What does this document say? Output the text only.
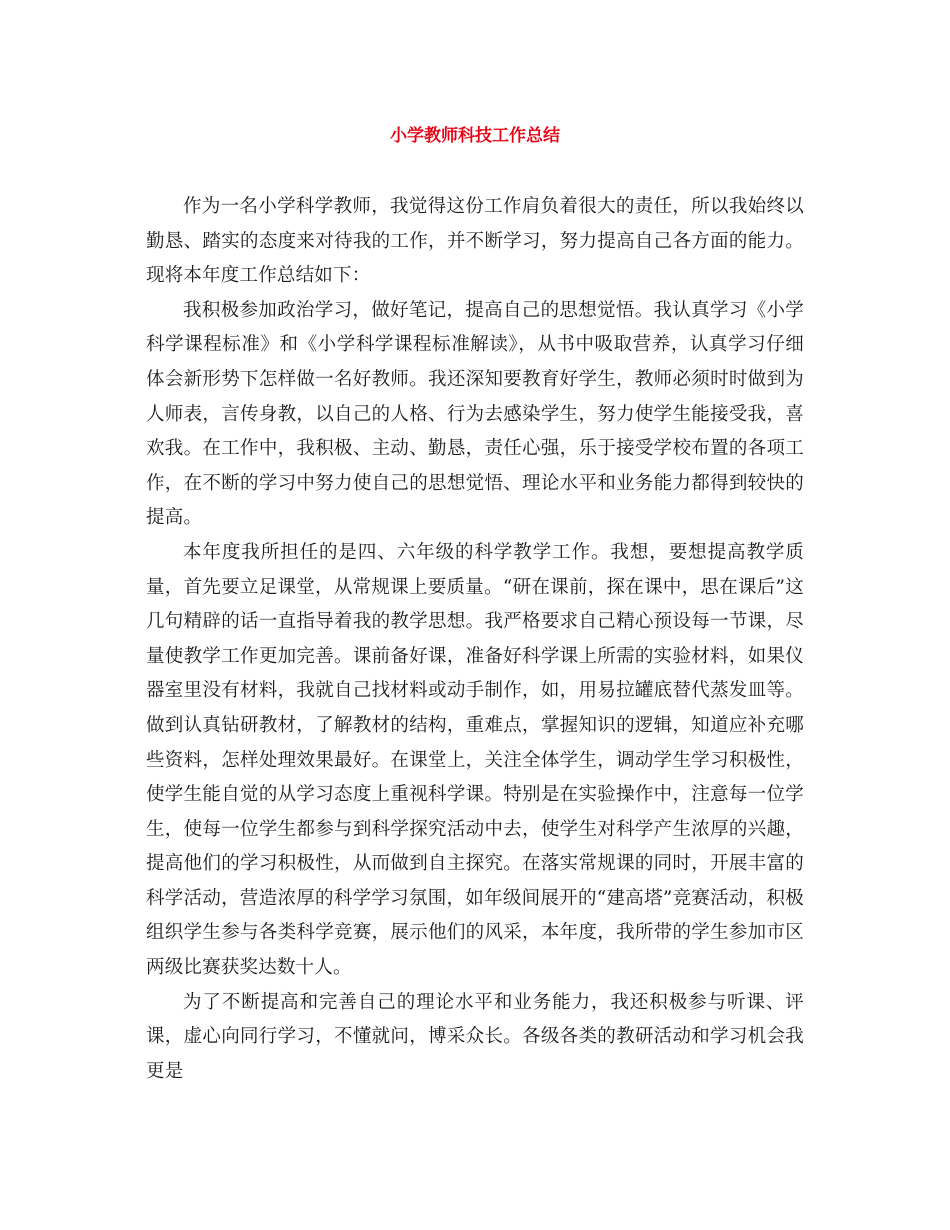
小学教师科技工作总结

作为一名小学科学教师，我觉得这份工作肩负着很大的责任，所以我始终以勤恳、踏实的态度来对待我的工作，并不断学习，努力提高自己各方面的能力。现将本年度工作总结如下：

我积极参加政治学习，做好笔记，提高自己的思想觉悟。我认真学习《小学科学课程标准》和《小学科学课程标准解读》，从书中吸取营养，认真学习仔细体会新形势下怎样做一名好教师。我还深知要教育好学生，教师必须时时做到为人师表，言传身教，以自己的人格、行为去感染学生，努力使学生能接受我，喜欢我。在工作中，我积极、主动、勤恳，责任心强，乐于接受学校布置的各项工作，在不断的学习中努力使自己的思想觉悟、理论水平和业务能力都得到较快的提高。

本年度我所担任的是四、六年级的科学教学工作。我想，要想提高教学质量，首先要立足课堂，从常规课上要质量。“研在课前，探在课中，思在课后”这几句精辟的话一直指导着我的教学思想。我严格要求自己精心预设每一节课，尽量使教学工作更加完善。课前备好课，准备好科学课上所需的实验材料，如果仪器室里没有材料，我就自己找材料或动手制作，如，用易拉罐底替代蒸发皿等。做到认真钻研教材，了解教材的结构，重难点，掌握知识的逻辑，知道应补充哪些资料，怎样处理效果最好。在课堂上，关注全体学生，调动学生学习积极性，使学生能自觉的从学习态度上重视科学课。特别是在实验操作中，注意每一位学生，使每一位学生都参与到科学探究活动中去，使学生对科学产生浓厚的兴趣，提高他们的学习积极性，从而做到自主探究。在落实常规课的同时，开展丰富的科学活动，营造浓厚的科学学习氛围，如年级间展开的“建高塔”竞赛活动，积极组织学生参与各类科学竞赛，展示他们的风采，本年度，我所带的学生参加市区两级比赛获奖达数十人。

为了不断提高和完善自己的理论水平和业务能力，我还积极参与听课、评课，虚心向同行学习，不懂就问，博采众长。各级各类的教研活动和学习机会我更是
